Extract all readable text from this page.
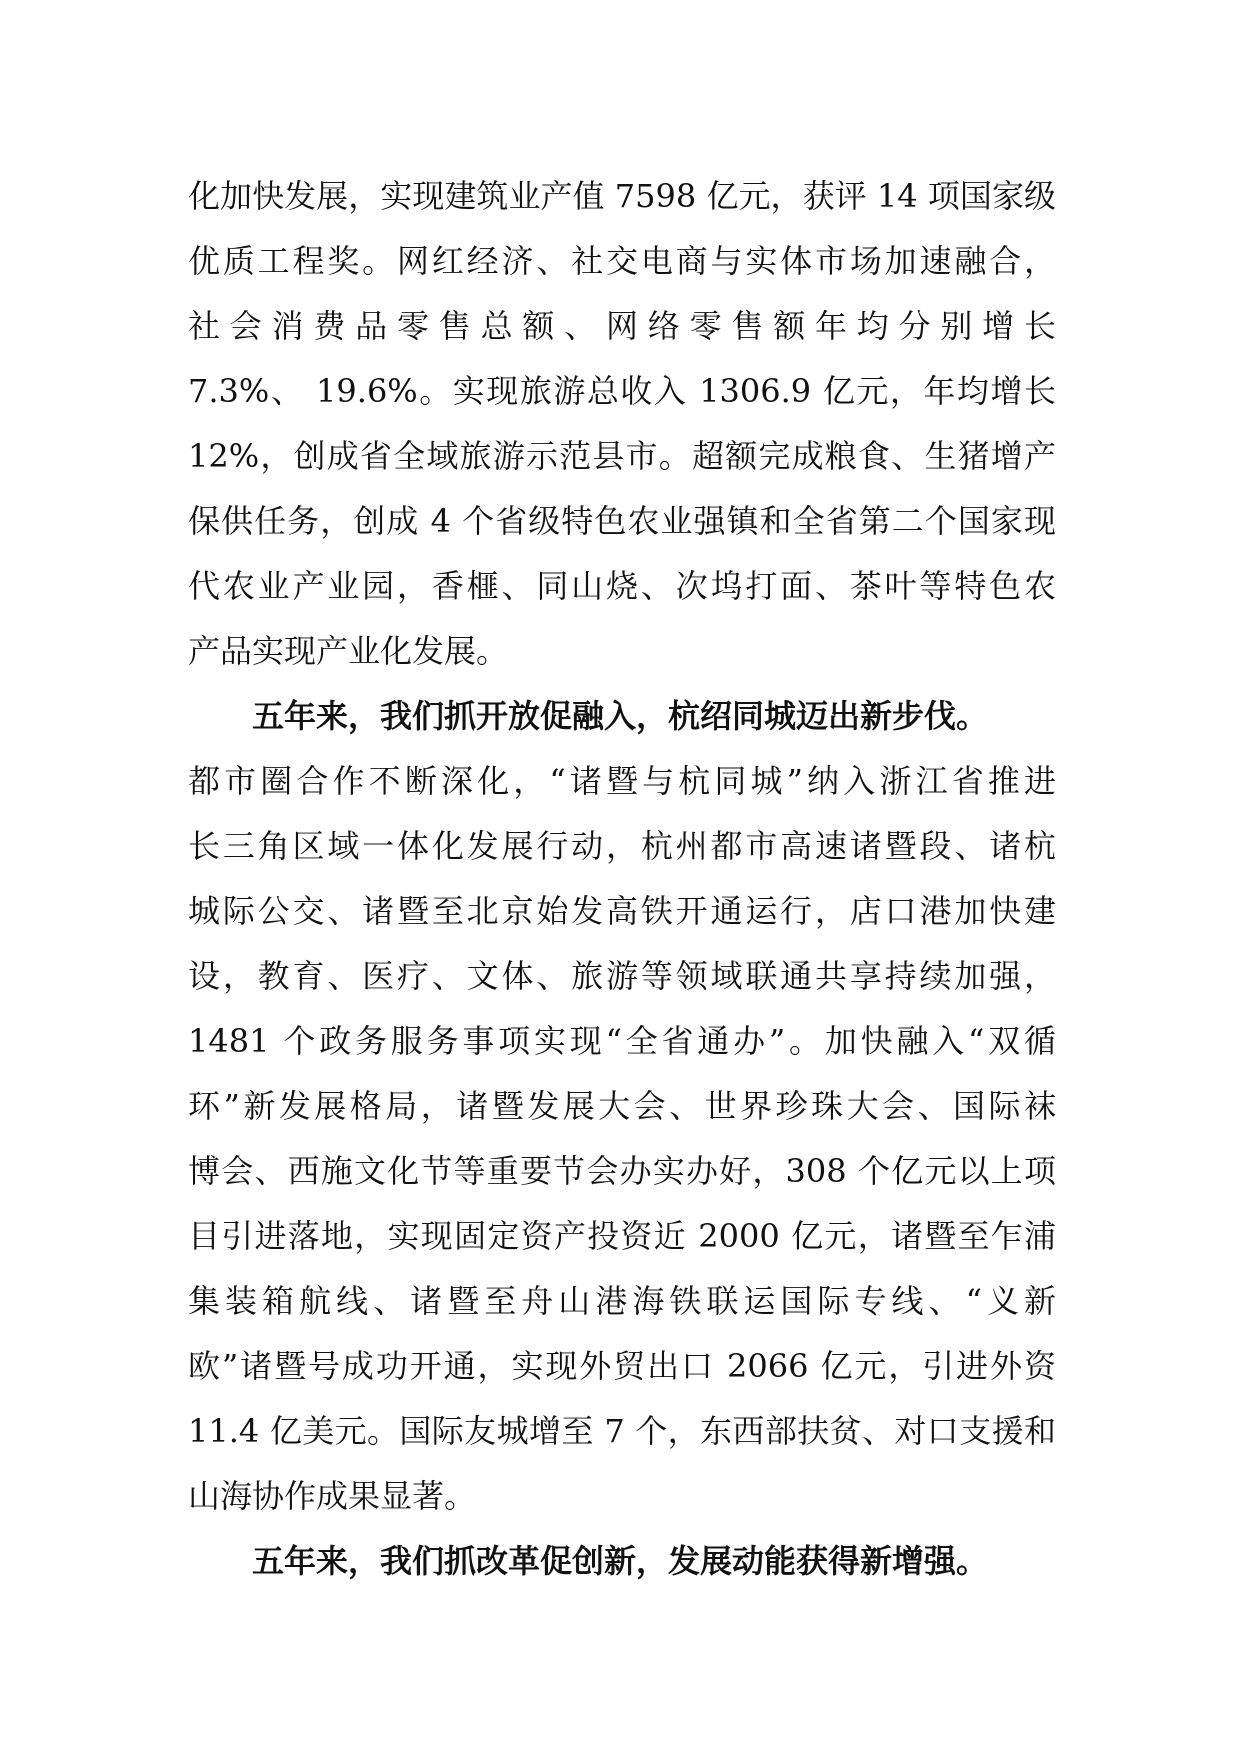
化加快发展，实现建筑业产值 7598 亿元，获评 14 项国家级
优质工程奖。网红经济、社交电商与实体市场加速融合，
社会消费品零售总额、网络零售额年均分别增长
7.3%、 19.6%。实现旅游总收入 1306.9 亿元，年均增长
12%，创成省全域旅游示范县市。超额完成粮食、生猪增产
保供任务，创成 4 个省级特色农业强镇和全省第二个国家现
代农业产业园，香榧、同山烧、次坞打面、茶叶等特色农
产品实现产业化发展。
五年来，我们抓开放促融入，杭绍同城迈出新步伐。
都市圈合作不断深化，“诸暨与杭同城”纳入浙江省推进
长三角区域一体化发展行动，杭州都市高速诸暨段、诸杭
城际公交、诸暨至北京始发高铁开通运行，店口港加快建
设，教育、医疗、文体、旅游等领域联通共享持续加强，
1481 个政务服务事项实现“全省通办”。加快融入“双循
环”新发展格局，诸暨发展大会、世界珍珠大会、国际袜
博会、西施文化节等重要节会办实办好，308 个亿元以上项
目引进落地，实现固定资产投资近 2000 亿元，诸暨至乍浦
集装箱航线、诸暨至舟山港海铁联运国际专线、“义新
欧”诸暨号成功开通，实现外贸出口 2066 亿元，引进外资
11.4 亿美元。国际友城增至 7 个，东西部扶贫、对口支援和
山海协作成果显著。
五年来，我们抓改革促创新，发展动能获得新增强。
